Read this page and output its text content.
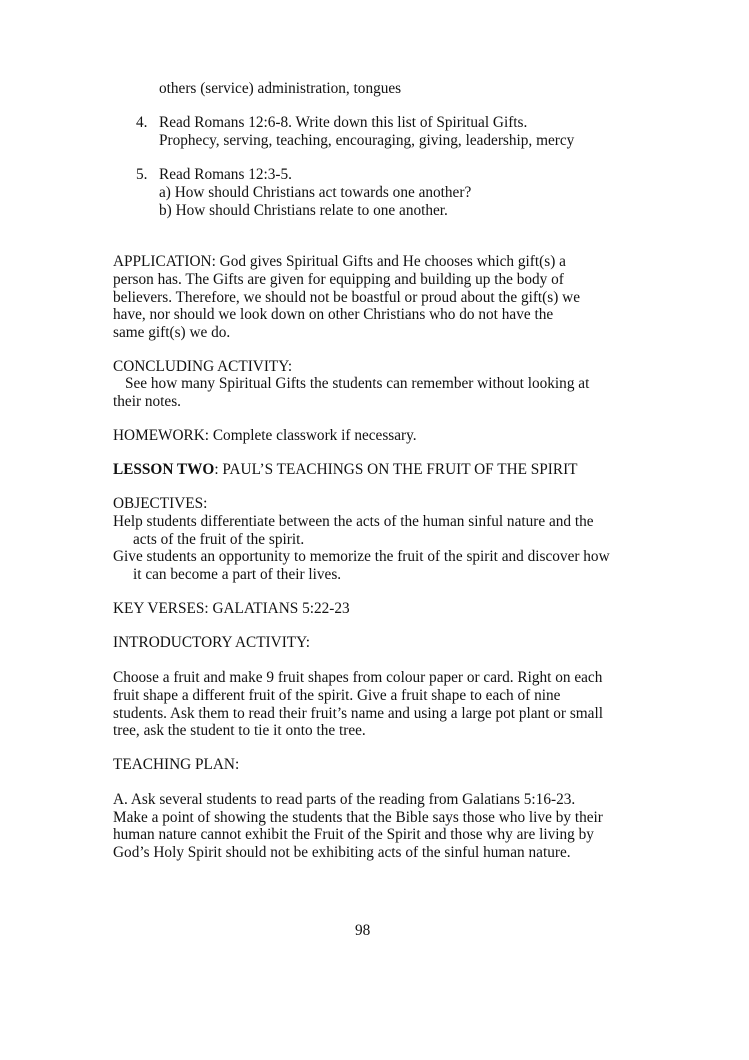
others (service) administration, tongues
4. Read Romans 12:6-8. Write down this list of Spiritual Gifts.
Prophecy, serving, teaching, encouraging, giving, leadership, mercy
5. Read Romans 12:3-5.
a) How should Christians act towards one another?
b) How should Christians relate to one another.
APPLICATION: God gives Spiritual Gifts and He chooses which gift(s) a
person has. The Gifts are given for equipping and building up the body of
believers. Therefore, we should not be boastful or proud about the gift(s) we
have, nor should we look down on other Christians who do not have the
same gift(s) we do.
CONCLUDING ACTIVITY:
See how many Spiritual Gifts the students can remember without looking at
their notes.
HOMEWORK: Complete classwork if necessary.
LESSON TWO: PAUL’S TEACHINGS ON THE FRUIT OF THE SPIRIT
OBJECTIVES:
Help students differentiate between the acts of the human sinful nature and the
acts of the fruit of the spirit.
Give students an opportunity to memorize the fruit of the spirit and discover how
it can become a part of their lives.
KEY VERSES: GALATIANS 5:22-23
INTRODUCTORY ACTIVITY:
Choose a fruit and make 9 fruit shapes from colour paper or card. Right on each
fruit shape a different fruit of the spirit. Give a fruit shape to each of nine
students. Ask them to read their fruit’s name and using a large pot plant or small
tree, ask the student to tie it onto the tree.
TEACHING PLAN:
A. Ask several students to read parts of the reading from Galatians 5:16-23.
Make a point of showing the students that the Bible says those who live by their
human nature cannot exhibit the Fruit of the Spirit and those why are living by
God’s Holy Spirit should not be exhibiting acts of the sinful human nature.
98
